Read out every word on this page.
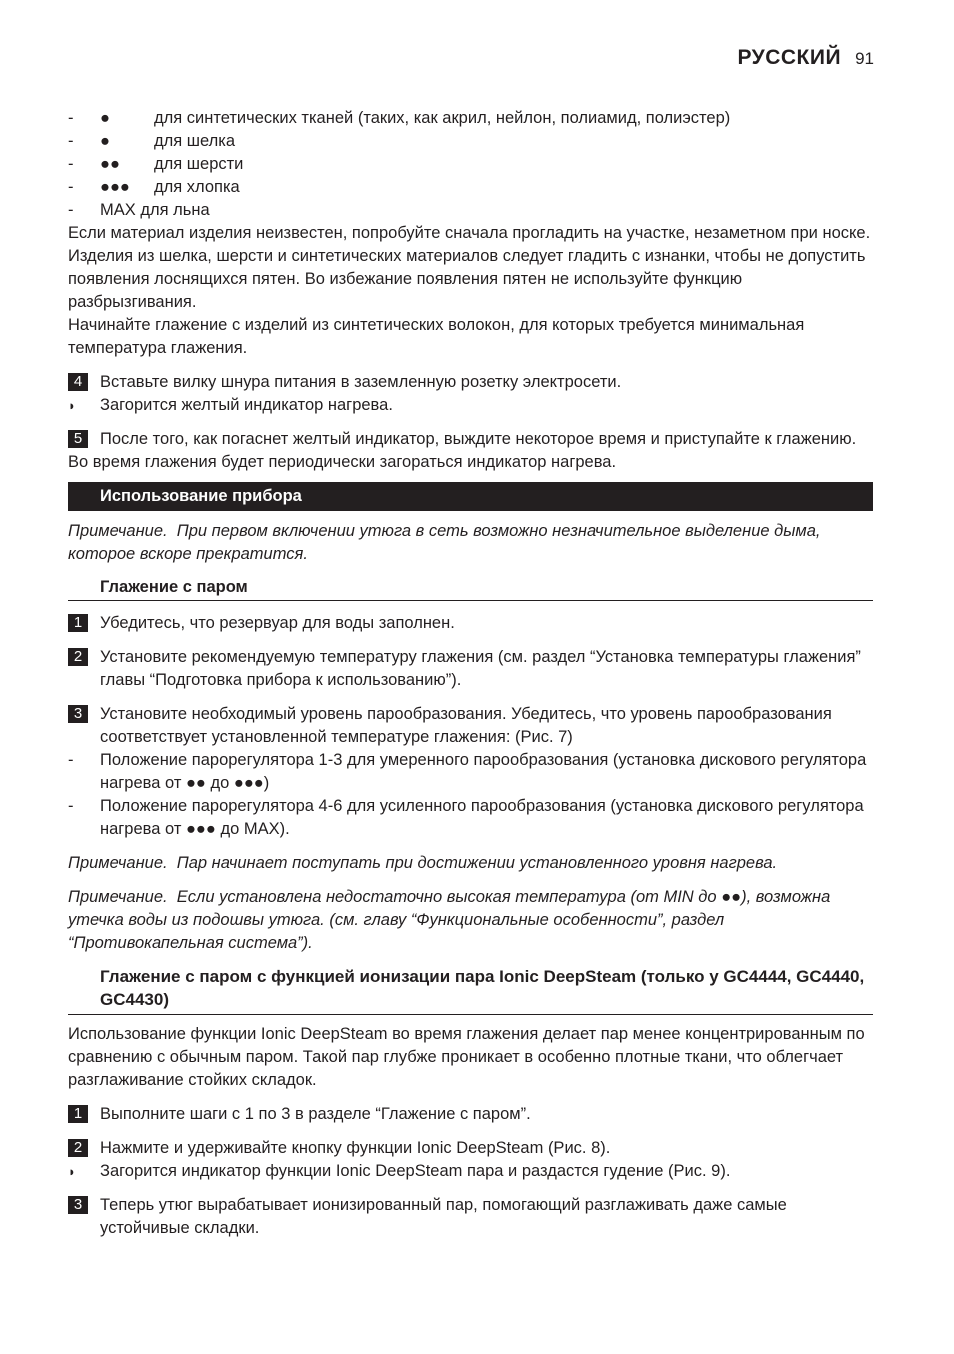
РУССКИЙ 91
-	●	для синтетических тканей (таких, как акрил, нейлон, полиамид, полиэстер)
-	●	для шелка
-	●●	для шерсти
-	●●●	для хлопка
-	MAX для льна

Если материал изделия неизвестен, попробуйте сначала прогладить на участке, незаметном при носке.

Изделия из шелка, шерсти и синтетических материалов следует гладить с изнанки, чтобы не допустить появления лоснящихся пятен. Во избежание появления пятен не используйте функцию разбрызгивания.

Начинайте глажение с изделий из синтетических волокон, для которых требуется минимальная температура глажения.

4	Вставьте вилку шнура питания в заземленную розетку электросети.
◗	Загорится желтый индикатор нагрева.
5	После того, как погаснет желтый индикатор, выждите некоторое время и приступайте к глажению.

Во время глажения будет периодически загораться индикатор нагрева.

Использование прибора

Примечание. При первом включении утюга в сеть возможно незначительное выделение дыма, которое вскоре прекратится.

Глажение с паром
1	Убедитесь, что резервуар для воды заполнен.
2	Установите рекомендуемую температуру глажения (см. раздел “Установка температуры глажения” главы “Подготовка прибора к использованию”).
3	Установите необходимый уровень парообразования. Убедитесь, что уровень парообразования соответствует установленной температуре глажения: (Рис. 7)
-	Положение парорегулятора 1-3 для умеренного парообразования (установка дискового регулятора нагрева от ●● до ●●●)
-	Положение парорегулятора 4-6 для усиленного парообразования (установка дискового регулятора нагрева от ●●● до MAX).

Примечание. Пар начинает поступать при достижении установленного уровня нагрева.

Примечание. Если установлена недостаточно высокая температура (от MIN до ●●), возможна утечка воды из подошвы утюга. (см. главу “Функциональные особенности”, раздел “Противокапельная система”).

Глажение с паром с функцией ионизации пара Ionic DeepSteam (только у GC4444, GC4440, GC4430)

Использование функции Ionic DeepSteam во время глажения делает пар менее концентрированным по сравнению с обычным паром. Такой пар глубже проникает в особенно плотные ткани, что облегчает разглаживание стойких складок.

1	Выполните шаги с 1 по 3 в разделе “Глажение с паром”.
2	Нажмите и удерживайте кнопку функции Ionic DeepSteam (Рис. 8).
◗	Загорится индикатор функции Ionic DeepSteam пара и раздастся гудение (Рис. 9).
3	Теперь утюг вырабатывает ионизированный пар, помогающий разглаживать даже самые устойчивые складки.
